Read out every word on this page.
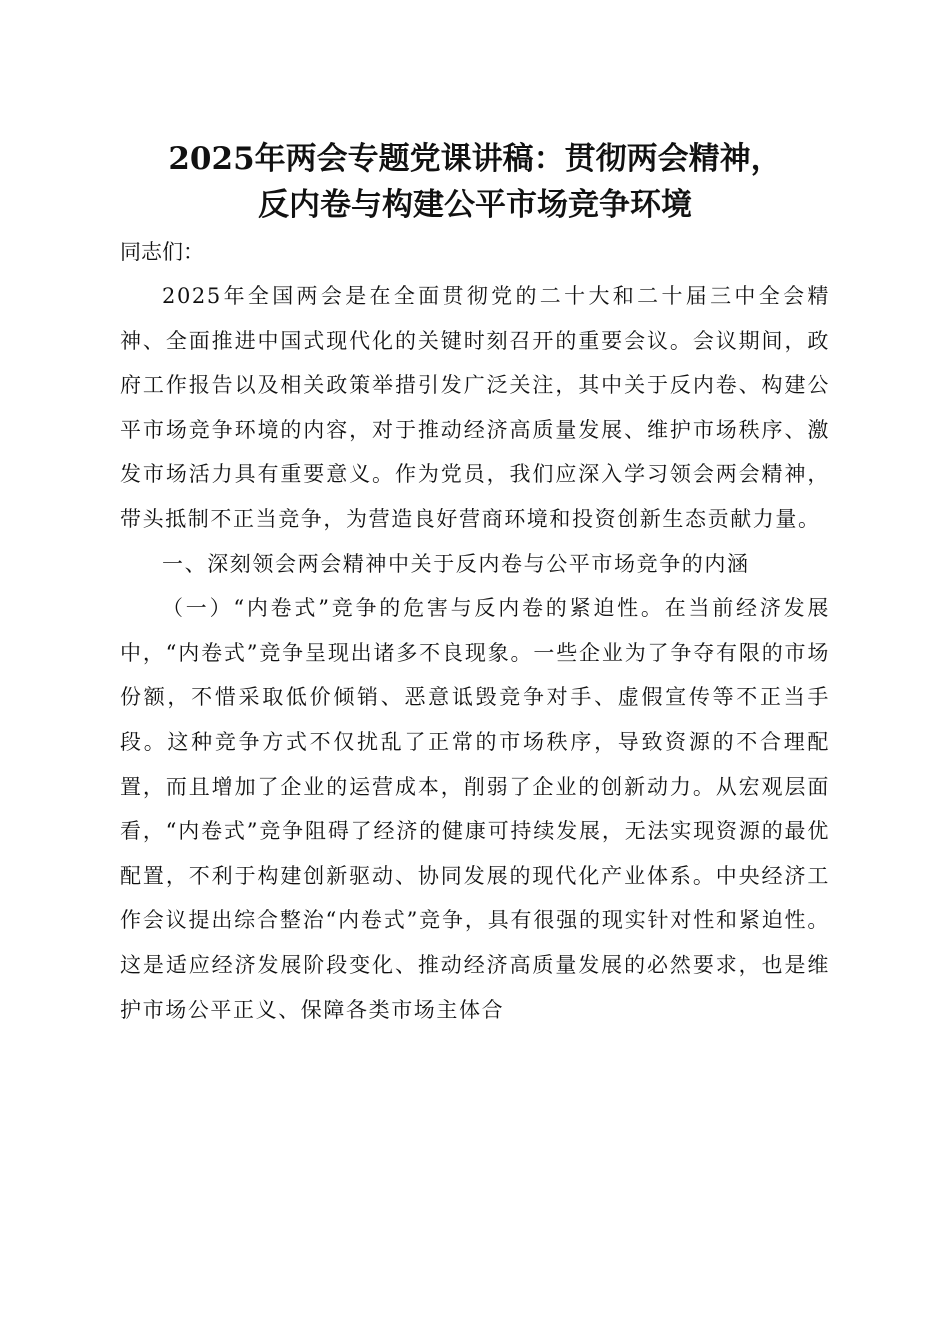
2025年两会专题党课讲稿：贯彻两会精神，
反内卷与构建公平市场竞争环境
同志们：

2025年全国两会是在全面贯彻党的二十大和二十届三中全会精神、全面推进中国式现代化的关键时刻召开的重要会议。会议期间，政府工作报告以及相关政策举措引发广泛关注，其中关于反内卷、构建公平市场竞争环境的内容，对于推动经济高质量发展、维护市场秩序、激发市场活力具有重要意义。作为党员，我们应深入学习领会两会精神，带头抵制不正当竞争，为营造良好营商环境和投资创新生态贡献力量。

一、深刻领会两会精神中关于反内卷与公平市场竞争的内涵

（一）“内卷式”竞争的危害与反内卷的紧迫性。在当前经济发展中，“内卷式”竞争呈现出诸多不良现象。一些企业为了争夺有限的市场份额，不惜采取低价倾销、恶意诋毁竞争对手、虚假宣传等不正当手段。这种竞争方式不仅扰乱了正常的市场秩序，导致资源的不合理配置，而且增加了企业的运营成本，削弱了企业的创新动力。从宏观层面看，“内卷式”竞争阻碍了经济的健康可持续发展，无法实现资源的最优配置，不利于构建创新驱动、协同发展的现代化产业体系。中央经济工作会议提出综合整治“内卷式”竞争，具有很强的现实针对性和紧迫性。这是适应经济发展阶段变化、推动经济高质量发展的必然要求，也是维护市场公平正义、保障各类市场主体合
